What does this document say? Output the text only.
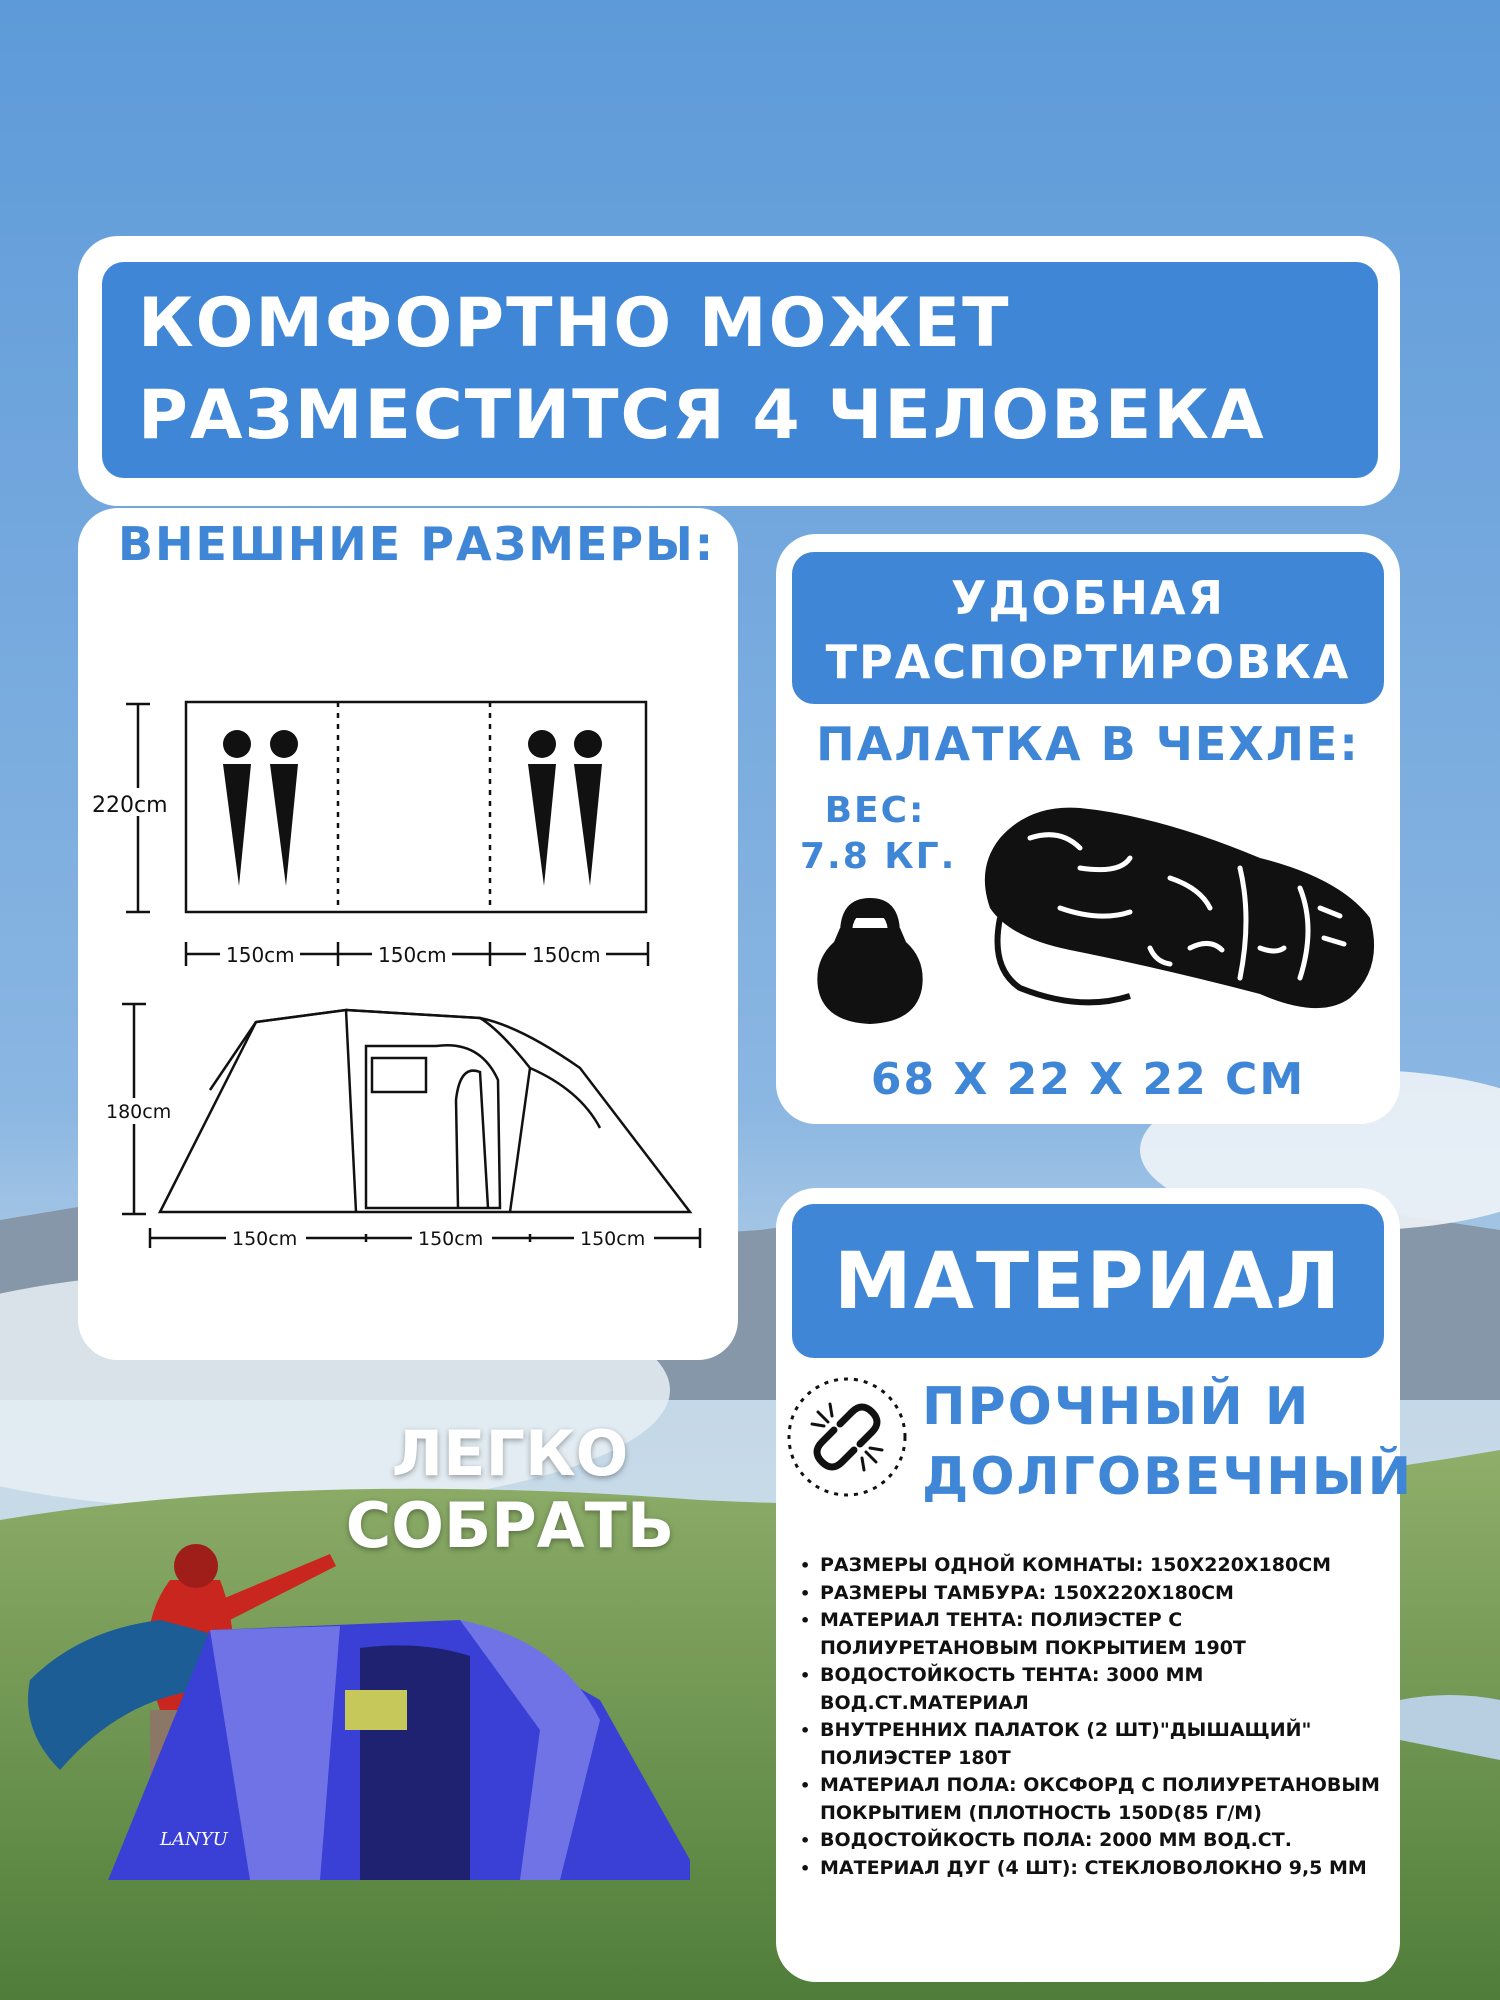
КОМФОРТНО МОЖЕТ
РАЗМЕСТИТСЯ 4 ЧЕЛОВЕКА
ВНЕШНИЕ РАЗМЕРЫ:
220cm
150cm	150cm	150cm
180cm
150cm	150cm	150cm
УДОБНАЯ
ТРАСПОРТИРОВКА
ПАЛАТКА В ЧЕХЛЕ:
ВЕС:
7.8 КГ.
68 X 22 X 22 СМ
ЛЕГКО
СОБРАТЬ
LANYU
МАТЕРИАЛ
ПРОЧНЫЙ И
ДОЛГОВЕЧНЫЙ
• РАЗМЕРЫ ОДНОЙ КОМНАТЫ: 150Х220Х180СМ
• РАЗМЕРЫ ТАМБУРА: 150Х220Х180СМ
• МАТЕРИАЛ ТЕНТА: ПОЛИЭСТЕР С
ПОЛИУРЕТАНОВЫМ ПОКРЫТИЕМ 190Т
• ВОДОСТОЙКОСТЬ ТЕНТА: 3000 ММ
ВОД.СТ.МАТЕРИАЛ
• ВНУТРЕННИХ ПАЛАТОК (2 ШТ)"ДЫШАЩИЙ"
ПОЛИЭСТЕР 180Т
• МАТЕРИАЛ ПОЛА: ОКСФОРД С ПОЛИУРЕТАНОВЫМ
ПОКРЫТИЕМ (ПЛОТНОСТЬ 150D(85 Г/М)
• ВОДОСТОЙКОСТЬ ПОЛА: 2000 ММ ВОД.СТ.
• МАТЕРИАЛ ДУГ (4 ШТ): СТЕКЛОВОЛОКНО 9,5 ММ
